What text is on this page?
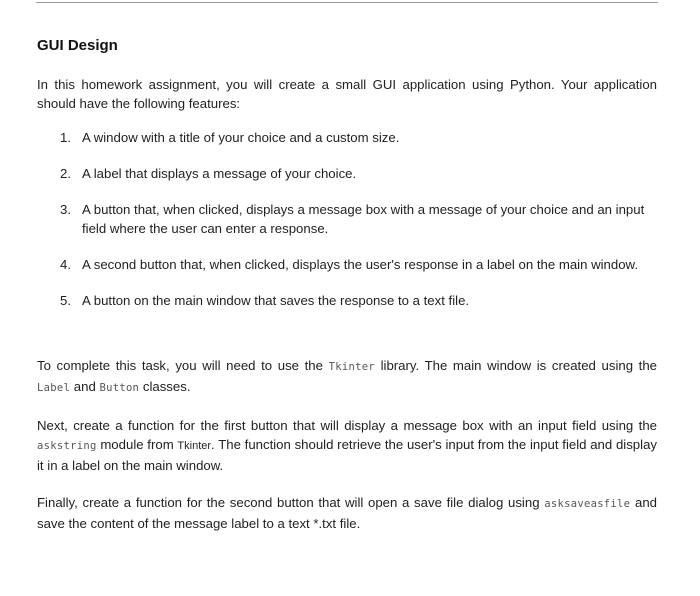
GUI Design

In this homework assignment, you will create a small GUI application using Python. Your application should have the following features:

1. A window with a title of your choice and a custom size.
2. A label that displays a message of your choice.
3. A button that, when clicked, displays a message box with a message of your choice and an input field where the user can enter a response.
4. A second button that, when clicked, displays the user's response in a label on the main window.
5. A button on the main window that saves the response to a text file.

To complete this task, you will need to use the Tkinter library. The main window is created using the Label and Button classes.

Next, create a function for the first button that will display a message box with an input field using the askstring module from Tkinter. The function should retrieve the user's input from the input field and display it in a label on the main window.

Finally, create a function for the second button that will open a save file dialog using asksaveasfile and save the content of the message label to a text *.txt file.
